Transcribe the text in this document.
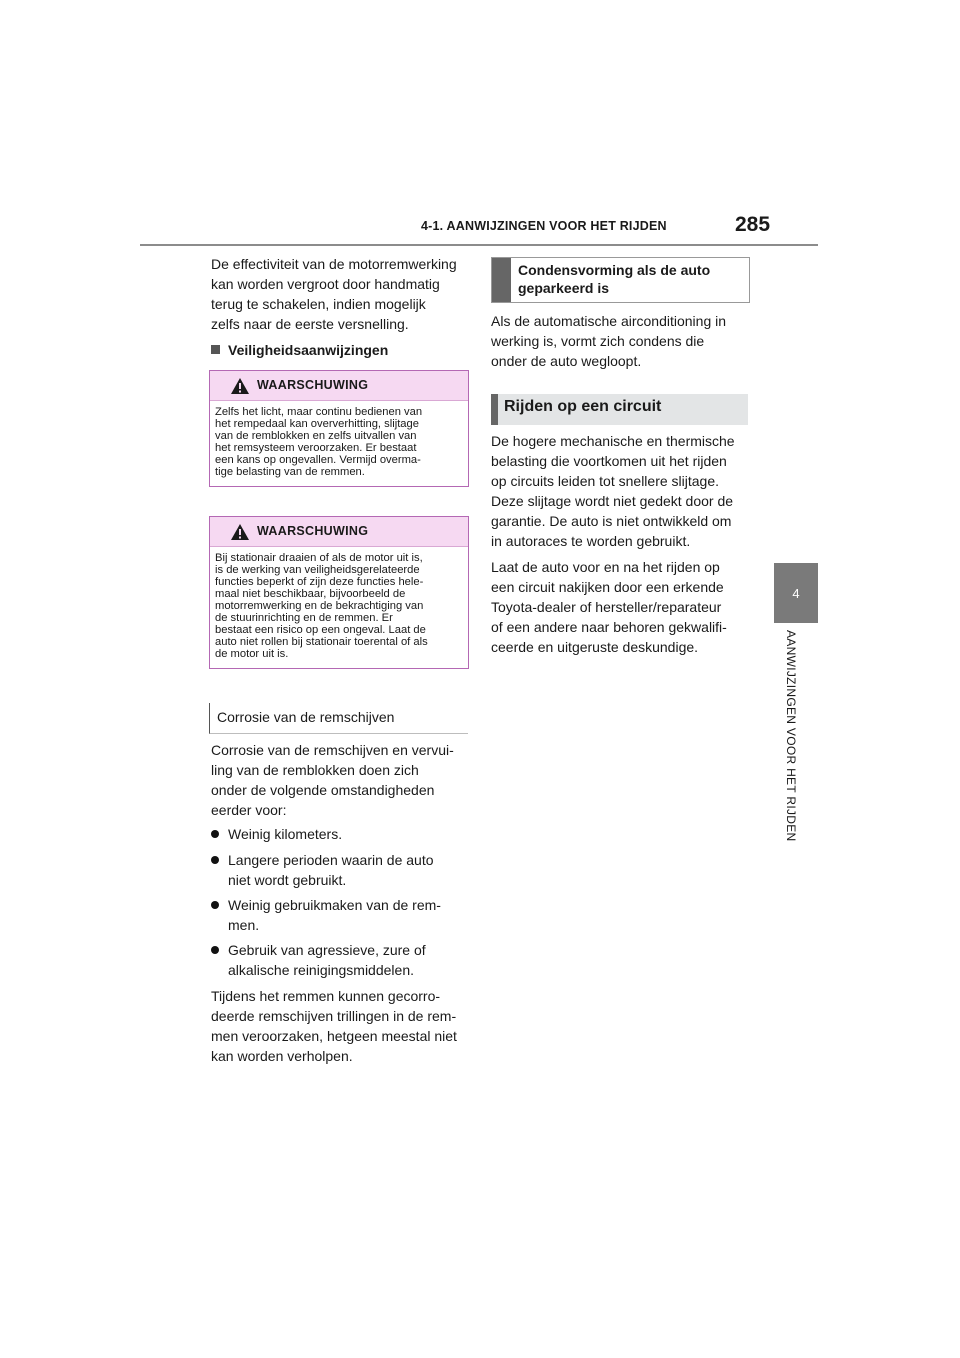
4-1. AANWIJZINGEN VOOR HET RIJDEN	285
4
AANWIJZINGEN VOOR HET RIJDEN

De effectiviteit van de motorremwerking

kan worden vergroot door handmatig

terug te schakelen, indien mogelijk

zelfs naar de eerste versnelling.

Veiligheidsaanwijzingen
WAARSCHUWING
Zelfs het licht, maar continu bedienen van
het rempedaal kan oververhitting, slijtage
van de remblokken en zelfs uitvallen van
het remsysteem veroorzaken. Er bestaat
een kans op ongevallen. Vermijd overma-
tige belasting van de remmen.
WAARSCHUWING
Bij stationair draaien of als de motor uit is,
is de werking van veiligheidsgerelateerde
functies beperkt of zijn deze functies hele-
maal niet beschikbaar, bijvoorbeeld de
motorremwerking en de bekrachtiging van
de stuurinrichting en de remmen. Er
bestaat een risico op een ongeval. Laat de
auto niet rollen bij stationair toerental of als
de motor uit is.
Corrosie van de remschijven

Corrosie van de remschijven en vervui-

ling van de remblokken doen zich

onder de volgende omstandigheden

eerder voor:

Weinig kilometers.
Langere perioden waarin de auto
niet wordt gebruikt.
Weinig gebruikmaken van de rem-
men.
Gebruik van agressieve, zure of
alkalische reinigingsmiddelen.

Tijdens het remmen kunnen gecorro-

deerde remschijven trillingen in de rem-

men veroorzaken, hetgeen meestal niet

kan worden verholpen.

Condensvorming als de auto
geparkeerd is

Als de automatische airconditioning in

werking is, vormt zich condens die

onder de auto wegloopt.

Rijden op een circuit

De hogere mechanische en thermische

belasting die voortkomen uit het rijden

op circuits leiden tot snellere slijtage.

Deze slijtage wordt niet gedekt door de

garantie. De auto is niet ontwikkeld om

in autoraces te worden gebruikt.

Laat de auto voor en na het rijden op

een circuit nakijken door een erkende

Toyota-dealer of hersteller/reparateur

of een andere naar behoren gekwalifi-

ceerde en uitgeruste deskundige.
